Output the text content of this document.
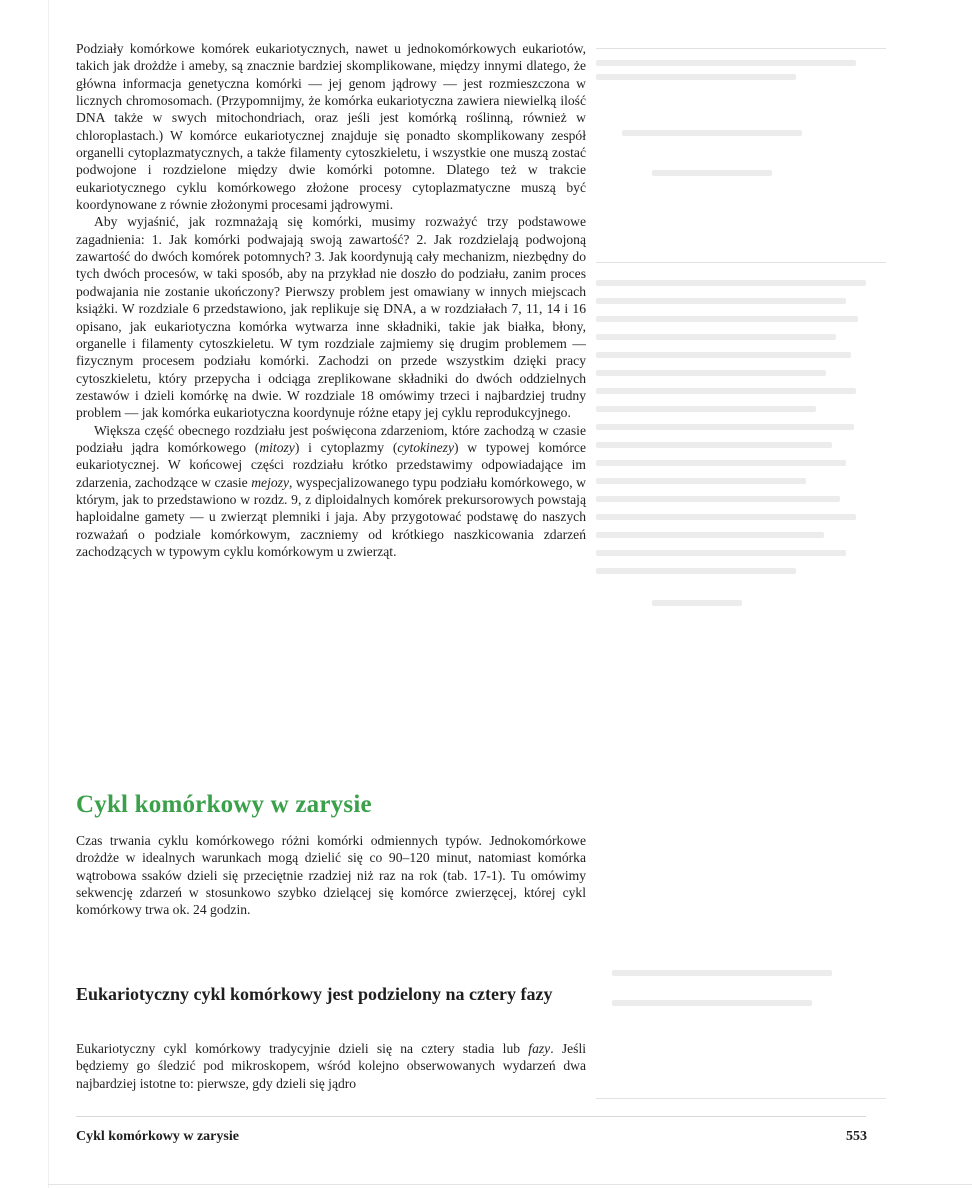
Podziały komórkowe komórek eukariotycznych, nawet u jednokomórkowych eukariotów, takich jak drożdże i ameby, są znacznie bardziej skomplikowane, między innymi dlatego, że główna informacja genetyczna komórki — jej genom jądrowy — jest rozmieszczona w licznych chromosomach. (Przypomnijmy, że komórka eukariotyczna zawiera niewielką ilość DNA także w swych mitochondriach, oraz jeśli jest komórką roślinną, również w chloroplastach.) W komórce eukariotycznej znajduje się ponadto skomplikowany zespół organelli cytoplazmatycznych, a także filamenty cytoszkieletu, i wszystkie one muszą zostać podwojone i rozdzielone między dwie komórki potomne. Dlatego też w trakcie eukariotycznego cyklu komórkowego złożone procesy cytoplazmatyczne muszą być koordynowane z równie złożonymi procesami jądrowymi.

Aby wyjaśnić, jak rozmnażają się komórki, musimy rozważyć trzy podstawowe zagadnienia: 1. Jak komórki podwajają swoją zawartość? 2. Jak rozdzielają podwojoną zawartość do dwóch komórek potomnych? 3. Jak koordynują cały mechanizm, niezbędny do tych dwóch procesów, w taki sposób, aby na przykład nie doszło do podziału, zanim proces podwajania nie zostanie ukończony? Pierwszy problem jest omawiany w innych miejscach książki. W rozdziale 6 przedstawiono, jak replikuje się DNA, a w rozdziałach 7, 11, 14 i 16 opisano, jak eukariotyczna komórka wytwarza inne składniki, takie jak białka, błony, organelle i filamenty cytoszkieletu. W tym rozdziale zajmiemy się drugim problemem — fizycznym procesem podziału komórki. Zachodzi on przede wszystkim dzięki pracy cytoszkieletu, który przepycha i odciąga zreplikowane składniki do dwóch oddzielnych zestawów i dzieli komórkę na dwie. W rozdziale 18 omówimy trzeci i najbardziej trudny problem — jak komórka eukariotyczna koordynuje różne etapy jej cyklu reprodukcyjnego.

Większa część obecnego rozdziału jest poświęcona zdarzeniom, które zachodzą w czasie podziału jądra komórkowego (mitozy) i cytoplazmy (cytokinezy) w typowej komórce eukariotycznej. W końcowej części rozdziału krótko przedstawimy odpowiadające im zdarzenia, zachodzące w czasie mejozy, wyspecjalizowanego typu podziału komórkowego, w którym, jak to przedstawiono w rozdz. 9, z diploidalnych komórek prekursorowych powstają haploidalne gamety — u zwierząt plemniki i jaja. Aby przygotować podstawę do naszych rozważań o podziale komórkowym, zaczniemy od krótkiego naszkicowania zdarzeń zachodzących w typowym cyklu komórkowym u zwierząt.

Cykl komórkowy w zarysie

Czas trwania cyklu komórkowego różni komórki odmiennych typów. Jednokomórkowe drożdże w idealnych warunkach mogą dzielić się co 90–120 minut, natomiast komórka wątrobowa ssaków dzieli się przeciętnie rzadziej niż raz na rok (tab. 17-1). Tu omówimy sekwencję zdarzeń w stosunkowo szybko dzielącej się komórce zwierzęcej, której cykl komórkowy trwa ok. 24 godzin.

Eukariotyczny cykl komórkowy jest podzielony na cztery fazy

Eukariotyczny cykl komórkowy tradycyjnie dzieli się na cztery stadia lub fazy. Jeśli będziemy go śledzić pod mikroskopem, wśród kolejno obserwowanych wydarzeń dwa najbardziej istotne to: pierwsze, gdy dzieli się jądro

Cykl komórkowy w zarysie	553
